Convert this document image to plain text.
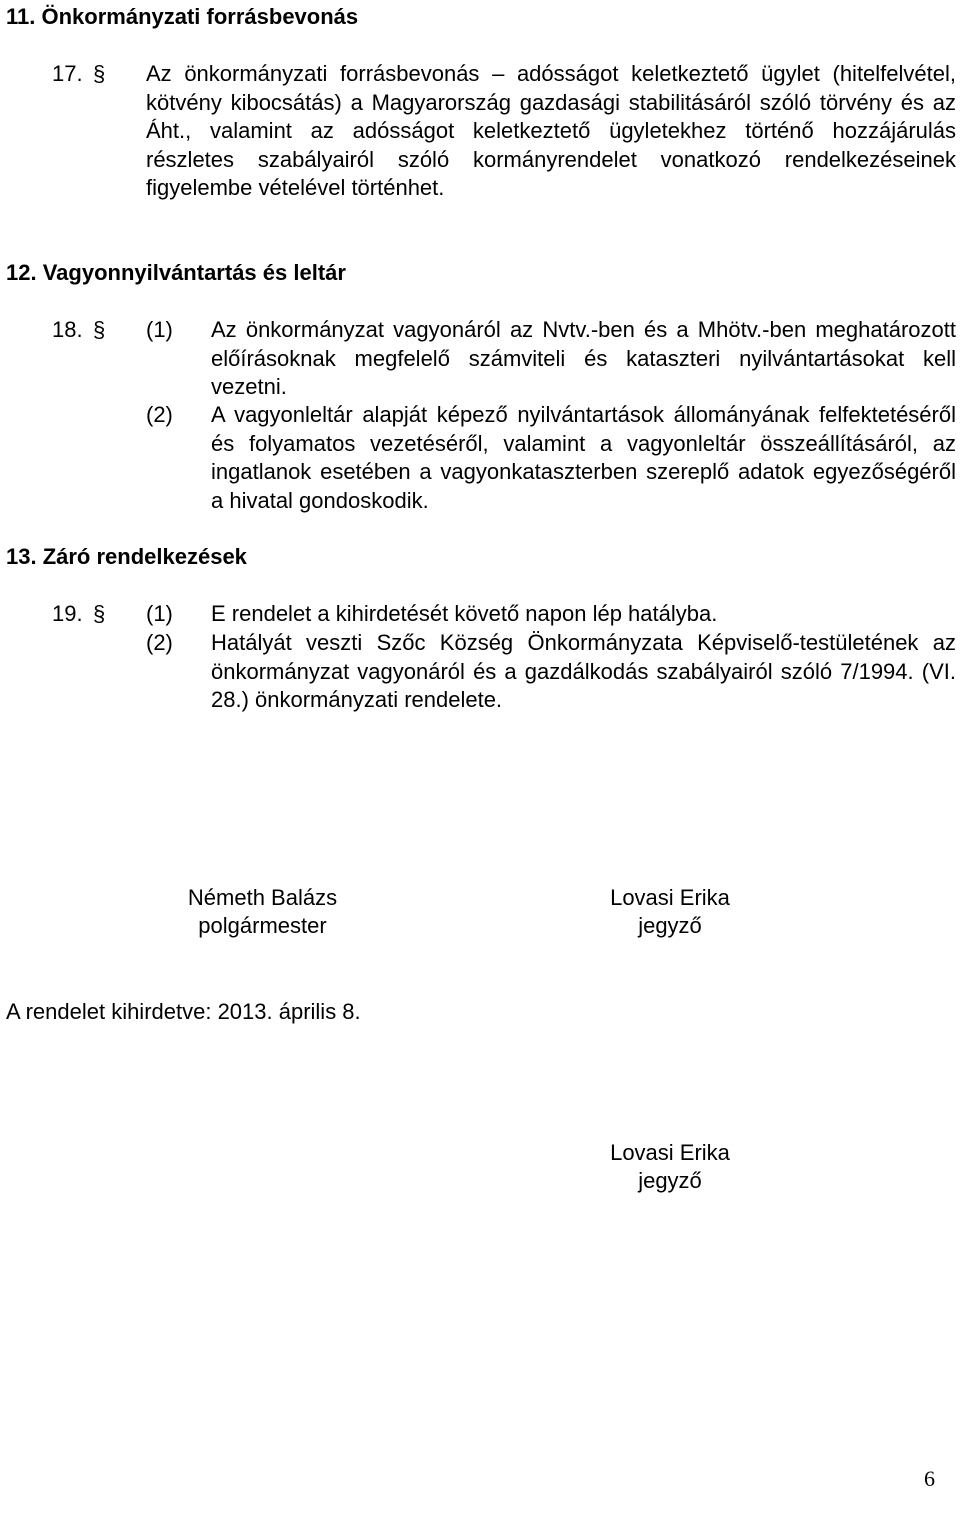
11. Önkormányzati forrásbevonás
17. § Az önkormányzati forrásbevonás – adósságot keletkeztető ügylet (hitelfelvétel, kötvény kibocsátás) a Magyarország gazdasági stabilitásáról szóló törvény és az Áht., valamint az adósságot keletkeztető ügyletekhez történő hozzájárulás részletes szabályairól szóló kormányrendelet vonatkozó rendelkezéseinek figyelembe vételével történhet.
12. Vagyonnyilvántartás és leltár
18. § (1) Az önkormányzat vagyonáról az Nvtv.-ben és a Mhötv.-ben meghatározott előírásoknak megfelelő számviteli és kataszteri nyilvántartásokat kell vezetni.
(2) A vagyonleltár alapját képező nyilvántartások állományának felfektetéséről és folyamatos vezetéséről, valamint a vagyonleltár összeállításáról, az ingatlanok esetében a vagyonkataszterben szereplő adatok egyezőségéről a hivatal gondoskodik.
13. Záró rendelkezések
19. § (1) E rendelet a kihirdetését követő napon lép hatályba.
(2) Hatályát veszti Szőc Község Önkormányzata Képviselő-testületének az önkormányzat vagyonáról és a gazdálkodás szabályairól szóló 7/1994. (VI. 28.) önkormányzati rendelete.
Németh Balázs
polgármester
Lovasi Erika
jegyző
A rendelet kihirdetve: 2013. április 8.
Lovasi Erika
jegyző
6
